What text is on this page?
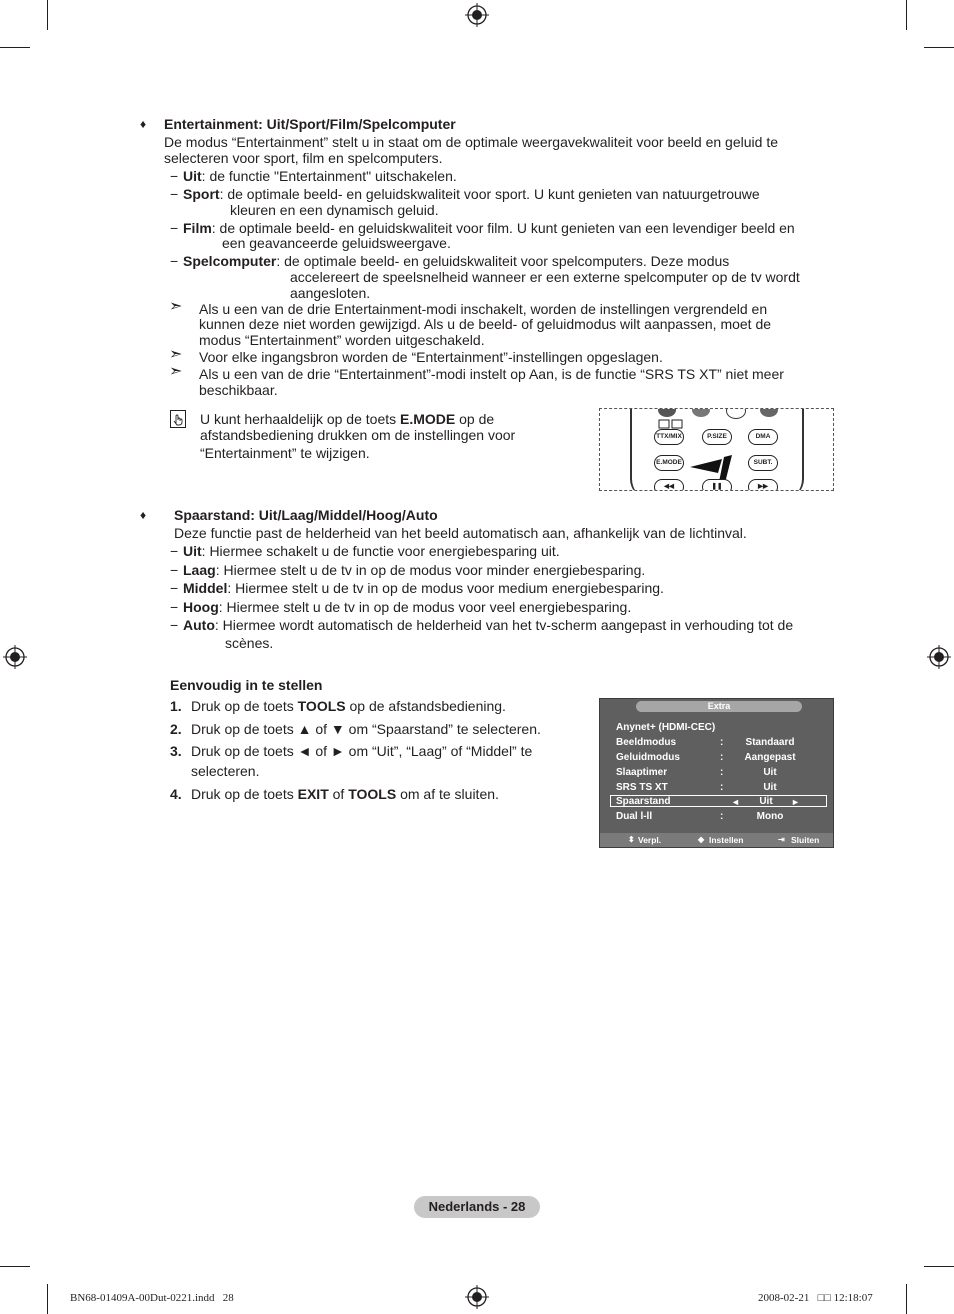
♦ Entertainment: Uit/Sport/Film/Spelcomputer
De modus “Entertainment” stelt u in staat om de optimale weergavekwaliteit voor beeld en geluid te
selecteren voor sport, film en spelcomputers.
− Uit: de functie "Entertainment" uitschakelen.
− Sport: de optimale beeld- en geluidskwaliteit voor sport. U kunt genieten van natuurgetrouwe
kleuren en een dynamisch geluid.
− Film: de optimale beeld- en geluidskwaliteit voor film. U kunt genieten van een levendiger beeld en
een geavanceerde geluidsweergave.
− Spelcomputer: de optimale beeld- en geluidskwaliteit voor spelcomputers. Deze modus
accelereert de speelsnelheid wanneer er een externe spelcomputer op de tv wordt
aangesloten.
➣ Als u een van de drie Entertainment-modi inschakelt, worden de instellingen vergrendeld en
kunnen deze niet worden gewijzigd. Als u de beeld- of geluidmodus wilt aanpassen, moet de
modus “Entertainment” worden uitgeschakeld.
➣ Voor elke ingangsbron worden de “Entertainment”-instellingen opgeslagen.
➣ Als u een van de drie “Entertainment”-modi instelt op Aan, is de functie “SRS TS XT” niet meer
beschikbaar.
U kunt herhaaldelijk op de toets E.MODE op de
afstandsbediening drukken om de instellingen voor
“Entertainment” te wijzigen.
TTX/MIX	P.SIZE	DMA
E.MODE	SUBT.
◀◀	❚❚	▶▶
♦ Spaarstand: Uit/Laag/Middel/Hoog/Auto
Deze functie past de helderheid van het beeld automatisch aan, afhankelijk van de lichtinval.
− Uit: Hiermee schakelt u de functie voor energiebesparing uit.
− Laag: Hiermee stelt u de tv in op de modus voor minder energiebesparing.
− Middel: Hiermee stelt u de tv in op de modus voor medium energiebesparing.
− Hoog: Hiermee stelt u de tv in op de modus voor veel energiebesparing.
− Auto: Hiermee wordt automatisch de helderheid van het tv-scherm aangepast in verhouding tot de
scènes.
Eenvoudig in te stellen
1. Druk op de toets TOOLS op de afstandsbediening.
2. Druk op de toets ▲ of ▼ om “Spaarstand” te selecteren.
3. Druk op de toets ◄ of ► om “Uit”, “Laag” of “Middel” te
selecteren.
4. Druk op de toets EXIT of TOOLS om af te sluiten.
Extra
Anynet+ (HDMI-CEC)
Beeldmodus	:	Standaard
Geluidmodus	:	Aangepast
Slaaptimer	:	Uit
SRS TS XT	:	Uit
Spaarstand	◄	Uit	►
Dual l-ll	:	Mono
⬍ Verpl.	◆ Instellen	⇥ Sluiten
Nederlands - 28
BN68-01409A-00Dut-0221.indd   28	2008-02-21   □□ 12:18:07
